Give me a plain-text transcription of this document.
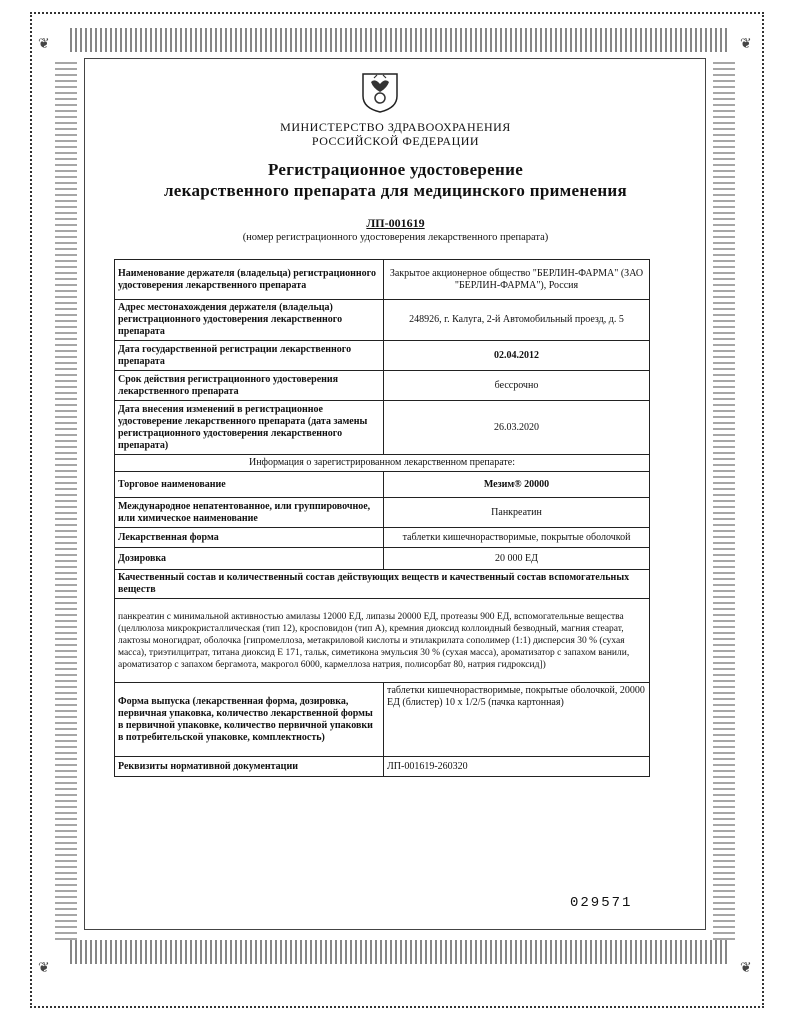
❦	❦
❦	❦
МИНИСТЕРСТВО ЗДРАВООХРАНЕНИЯ
РОССИЙСКОЙ ФЕДЕРАЦИИ
Регистрационное удостоверение
лекарственного препарата для медицинского применения
ЛП-001619
(номер регистрационного удостоверения лекарственного препарата)
Наименование держателя (владельца) регистрационного удостоверения лекарственного препарата	Закрытое акционерное общество "БЕРЛИН-ФАРМА" (ЗАО "БЕРЛИН-ФАРМА"), Россия
Адрес местонахождения держателя (владельца) регистрационного удостоверения лекарственного препарата	248926, г. Калуга, 2-й Автомобильный проезд, д. 5
Дата государственной регистрации лекарственного препарата	02.04.2012
Срок действия регистрационного удостоверения лекарственного препарата	бессрочно
Дата внесения изменений в регистрационное удостоверение лекарственного препарата (дата замены регистрационного удостоверения лекарственного препарата)	26.03.2020
Информация о зарегистрированном лекарственном препарате:	
Торговое наименование	Мезим® 20000
Международное непатентованное, или группировочное, или химическое наименование	Панкреатин
Лекарственная форма	таблетки кишечнорастворимые, покрытые оболочкой
Дозировка	20 000 ЕД
Качественный состав и количественный состав действующих веществ и качественный состав вспомогательных веществ	
панкреатин с минимальной активностью амилазы 12000 ЕД, липазы 20000 ЕД, протеазы 900 ЕД, вспомогательные вещества (целлюлоза микрокристаллическая (тип 12), кросповидон (тип А), кремния диоксид коллоидный безводный, магния стеарат, лактозы моногидрат, оболочка [гипромеллоза, метакриловой кислоты и этилакрилата сополимер (1:1) дисперсия 30 % (сухая масса), триэтилцитрат, титана диоксид Е 171, тальк, симетикона эмульсия 30 % (сухая масса), ароматизатор с запахом ванили, ароматизатор с запахом бергамота, макрогол 6000, кармеллоза натрия, полисорбат 80, натрия гидроксид])	
Форма выпуска (лекарственная форма, дозировка, первичная упаковка, количество лекарственной формы в первичной упаковке, количество первичной упаковки в потребительской упаковке, комплектность)	таблетки кишечнорастворимые, покрытые оболочкой, 20000 ЕД (блистер) 10 x 1/2/5 (пачка картонная)
Реквизиты нормативной документации	ЛП-001619-260320
029571
